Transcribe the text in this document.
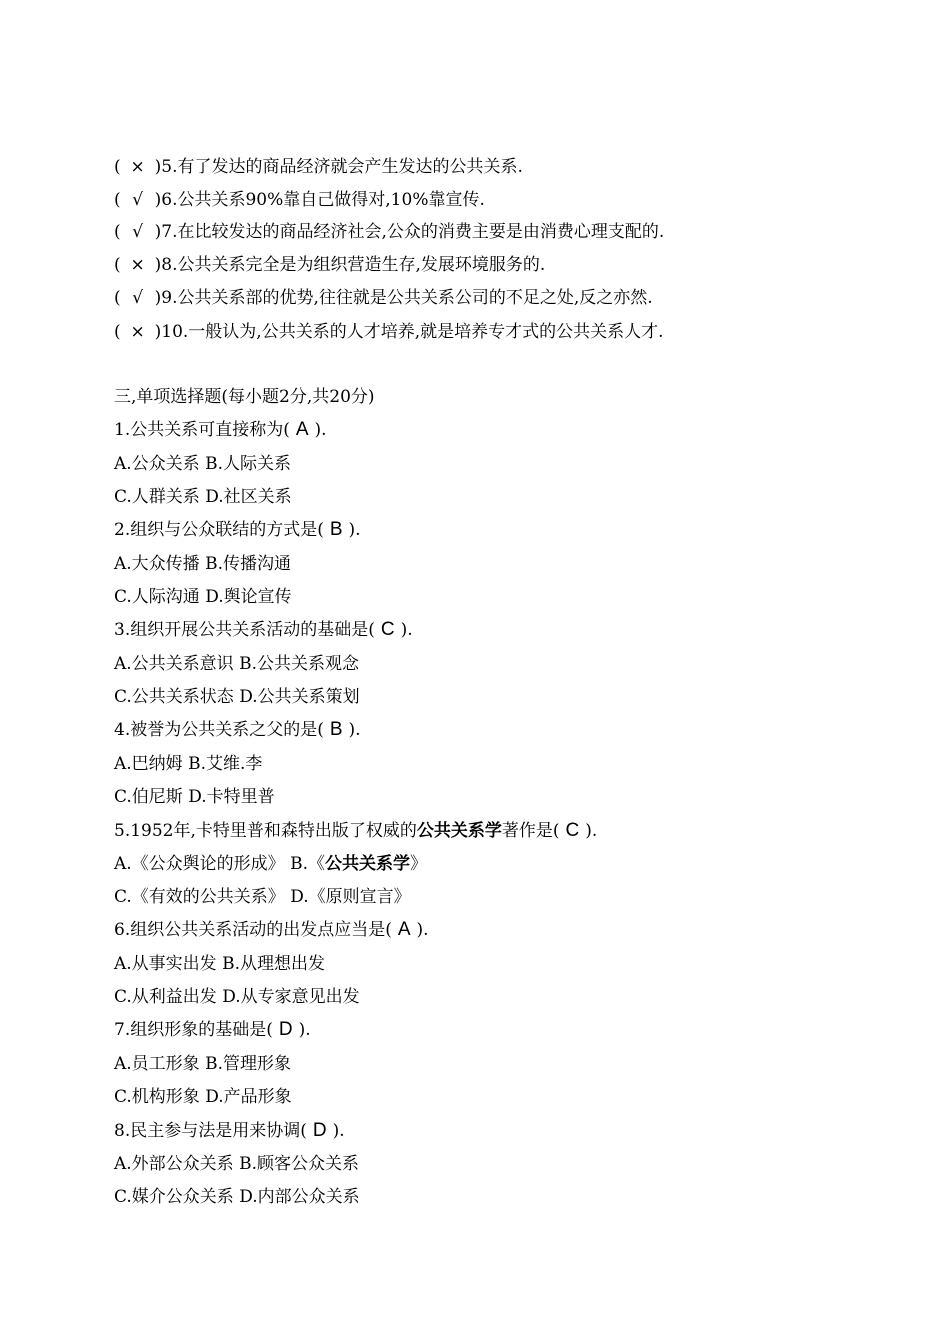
( × )5.有了发达的商品经济就会产生发达的公共关系.
( √ )6.公共关系90%靠自己做得对,10%靠宣传.
( √ )7.在比较发达的商品经济社会,公众的消费主要是由消费心理支配的.
( × )8.公共关系完全是为组织营造生存,发展环境服务的.
( √ )9.公共关系部的优势,往往就是公共关系公司的不足之处,反之亦然.
( × )10.一般认为,公共关系的人才培养,就是培养专才式的公共关系人才.
三,单项选择题(每小题2分,共20分)
1.公共关系可直接称为( A ).
A.公众关系 B.人际关系
C.人群关系 D.社区关系
2.组织与公众联结的方式是( B ).
A.大众传播 B.传播沟通
C.人际沟通 D.舆论宣传
3.组织开展公共关系活动的基础是( C ).
A.公共关系意识 B.公共关系观念
C.公共关系状态 D.公共关系策划
4.被誉为公共关系之父的是( B ).
A.巴纳姆 B.艾维.李
C.伯尼斯 D.卡特里普
5.1952年,卡特里普和森特出版了权威的公共关系学著作是( C ).
A.《公众舆论的形成》 B.《公共关系学》
C.《有效的公共关系》 D.《原则宣言》
6.组织公共关系活动的出发点应当是( A ).
A.从事实出发 B.从理想出发
C.从利益出发 D.从专家意见出发
7.组织形象的基础是( D ).
A.员工形象 B.管理形象
C.机构形象 D.产品形象
8.民主参与法是用来协调( D ).
A.外部公众关系 B.顾客公众关系
C.媒介公众关系 D.内部公众关系
